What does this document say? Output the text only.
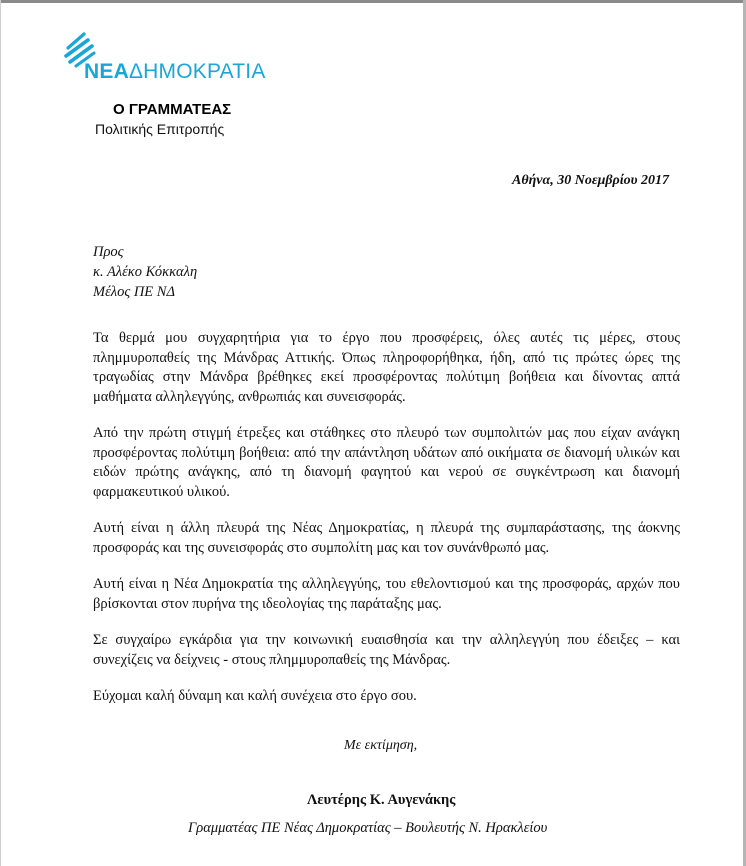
ΝΕΑΔΗΜΟΚΡΑΤΙΑ
Ο ΓΡΑΜΜΑΤΕΑΣ
Πολιτικής Επιτροπής
Αθήνα, 30 Νοεμβρίου 2017
Προς
κ. Αλέκο Κόκκαλη
Μέλος ΠΕ ΝΔ

Τα θερμά μου συγχαρητήρια για το έργο που προσφέρεις, όλες αυτές τις μέρες, στους πλημμυροπαθείς της Μάνδρας Αττικής. Όπως πληροφορήθηκα, ήδη, από τις πρώτες ώρες της τραγωδίας στην Μάνδρα βρέθηκες εκεί προσφέροντας πολύτιμη βοήθεια και δίνοντας απτά μαθήματα αλληλεγγύης, ανθρωπιάς και συνεισφοράς.

Από την πρώτη στιγμή έτρεξες και στάθηκες στο πλευρό των συμπολιτών μας που είχαν ανάγκη προσφέροντας πολύτιμη βοήθεια: από την απάντληση υδάτων από οικήματα σε διανομή υλικών και ειδών πρώτης ανάγκης, από τη διανομή φαγητού και νερού σε συγκέντρωση και διανομή φαρμακευτικού υλικού.

Αυτή είναι η άλλη πλευρά της Νέας Δημοκρατίας, η πλευρά της συμπαράστασης, της άοκνης προσφοράς και της συνεισφοράς στο συμπολίτη μας και τον συνάνθρωπό μας.

Αυτή είναι η Νέα Δημοκρατία της αλληλεγγύης, του εθελοντισμού και της προσφοράς, αρχών που βρίσκονται στον πυρήνα της ιδεολογίας της παράταξης μας.

Σε συγχαίρω εγκάρδια για την κοινωνική ευαισθησία και την αλληλεγγύη που έδειξες – και συνεχίζεις να δείχνεις - στους πλημμυροπαθείς της Μάνδρας.

Εύχομαι καλή δύναμη και καλή συνέχεια στο έργο σου.

Με εκτίμηση,
Λευτέρης Κ. Αυγενάκης
Γραμματέας ΠΕ Νέας Δημοκρατίας – Βουλευτής Ν. Ηρακλείου
